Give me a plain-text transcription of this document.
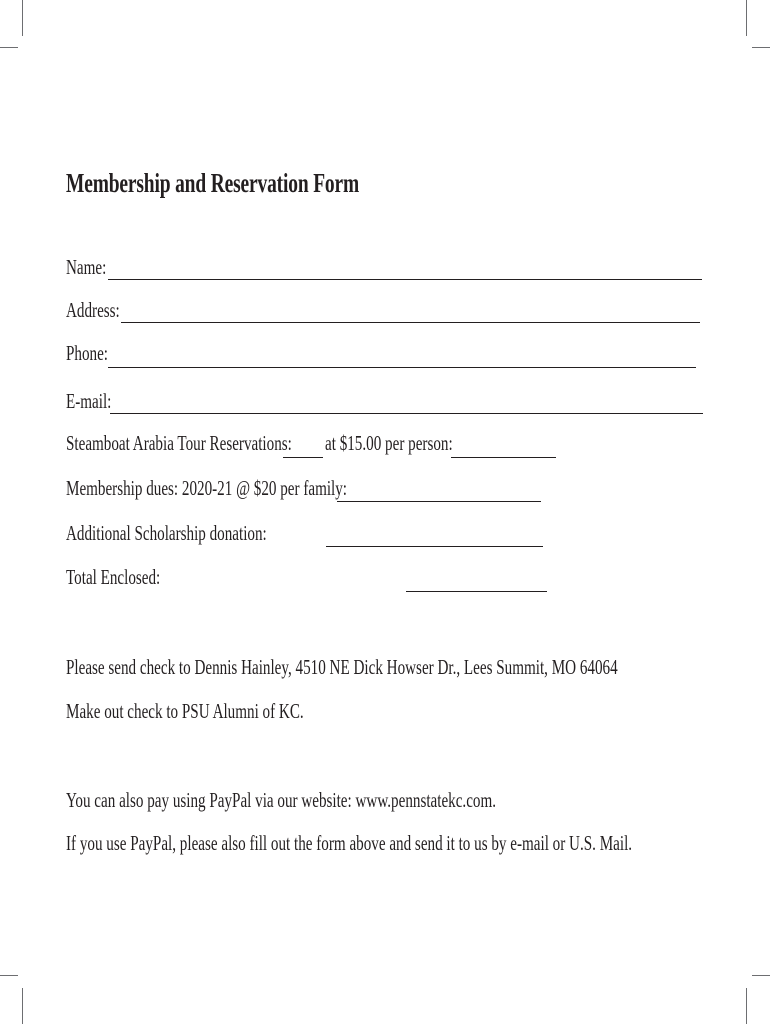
Membership and Reservation Form
Name:
Address:
Phone:
E-mail:
Steamboat Arabia Tour Reservations: at $15.00 per person:
Membership dues: 2020-21 @ $20 per family:
Additional Scholarship donation:
Total Enclosed:
Please send check to Dennis Hainley, 4510 NE Dick Howser Dr., Lees Summit, MO 64064
Make out check to PSU Alumni of KC.
You can also pay using PayPal via our website: www.pennstatekc.com.
If you use PayPal, please also fill out the form above and send it to us by e-mail or U.S. Mail.
